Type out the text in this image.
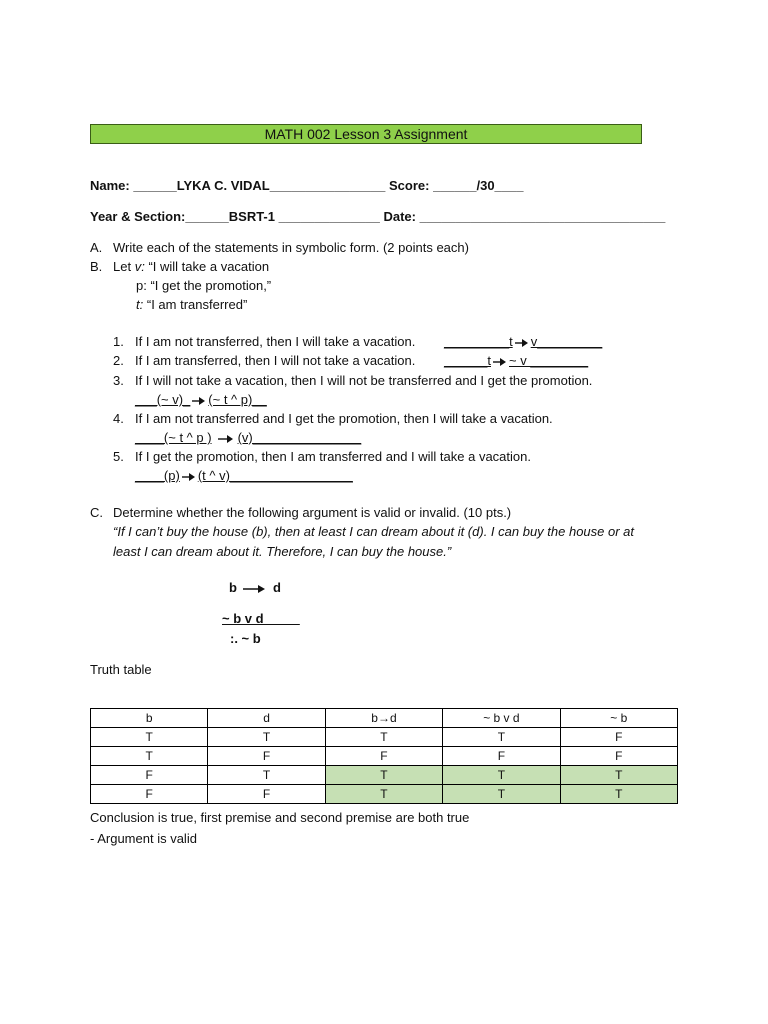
MATH 002 Lesson 3 Assignment
Name: ______LYKA C. VIDAL________________ Score: ______/30____
Year & Section:______BSRT-1 ______________ Date: __________________________________
A. Write each of the statements in symbolic form. (2 points each)
B. Let v: “I will take a vacation
p: “I get the promotion,”
t: “I am transferred”
1. If I am not transferred, then I will take a vacation. _________t v_________
2. If I am transferred, then I will not take a vacation. ______t ~ v ________
3. If I will not take a vacation, then I will not be transferred and I get the promotion.
___(~ v)_ (~ t ^ p)__
4. If I am not transferred and I get the promotion, then I will take a vacation.
____(~ t ^ p ) (v)_______________
5. If I get the promotion, then I am transferred and I will take a vacation.
____(p) (t ^ v)_________________
C. Determine whether the following argument is valid or invalid. (10 pts.)
“If I can’t buy the house (b), then at least I can dream about it (d). I can buy the house or at
least I can dream about it. Therefore, I can buy the house.”
b	d
~ b v d_____
:. ~ b
Truth table
b	d	b→d	~ b v d	~ b
T	T	T	T	F
T	F	F	F	F
F	T	T	T	T
F	F	T	T	T
Conclusion is true, first premise and second premise are both true
- Argument is valid
